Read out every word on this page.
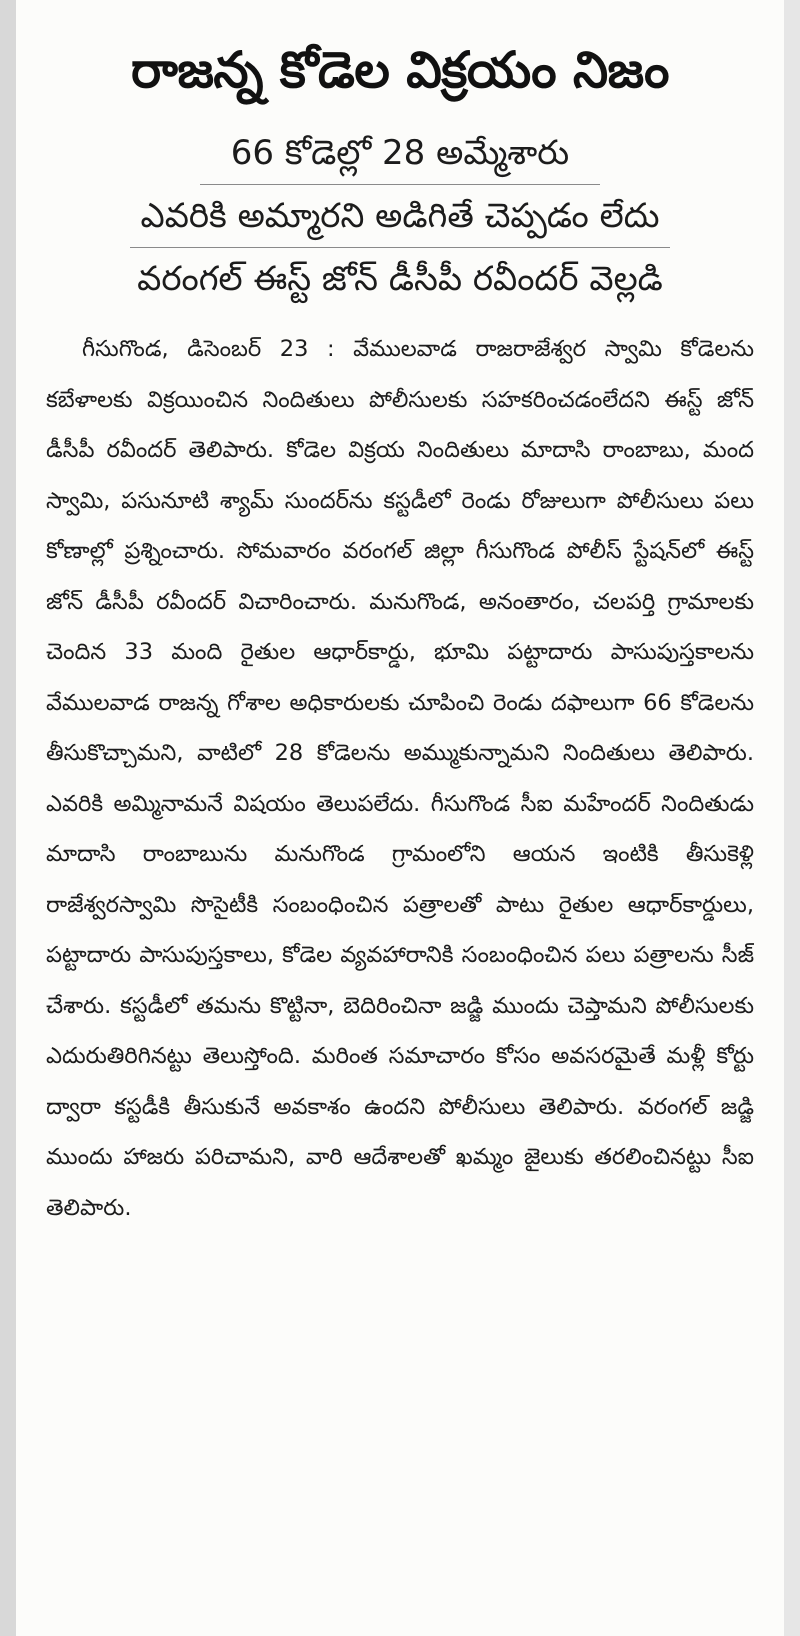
రాజన్న కోడెల విక్రయం నిజం
66 కోడెల్లో 28 అమ్మేశారు
ఎవరికి అమ్మారని అడిగితే చెప్పడం లేదు
వరంగల్ ఈస్ట్ జోన్ డీసీపీ రవీందర్ వెల్లడి

గీసుగొండ, డిసెంబర్ 23 : వేములవాడ రాజరాజేశ్వర స్వామి కోడెలను కబేళాలకు విక్రయించిన నిందితులు పోలీసులకు సహకరించడంలేదని ఈస్ట్ జోన్ డీసీపీ రవీందర్ తెలిపారు. కోడెల విక్రయ నిందితులు మాదాసి రాంబాబు, మంద స్వామి, పసునూటి శ్యామ్ సుందర్‌ను కస్టడీలో రెండు రోజులుగా పోలీసులు పలు కోణాల్లో ప్రశ్నించారు. సోమవారం వరంగల్ జిల్లా గీసుగొండ పోలీస్ స్టేషన్‌లో ఈస్ట్ జోన్ డీసీపీ రవీందర్ విచారించారు. మనుగొండ, అనంతారం, చలపర్తి గ్రామాలకు చెందిన 33 మంది రైతుల ఆధార్‌కార్డు, భూమి పట్టాదారు పాసుపుస్తకాలను వేములవాడ రాజన్న గోశాల అధికారులకు చూపించి రెండు దఫాలుగా 66 కోడెలను తీసుకొచ్చామని, వాటిలో 28 కోడెలను అమ్ముకున్నామని నిందితులు తెలిపారు. ఎవరికి అమ్మినామనే విషయం తెలుపలేదు. గీసుగొండ సీఐ మహేందర్ నిందితుడు మాదాసి రాంబాబును మనుగొండ గ్రామంలోని ఆయన ఇంటికి తీసుకెళ్లి రాజేశ్వరస్వామి సొసైటీకి సంబంధించిన పత్రాలతో పాటు రైతుల ఆధార్‌కార్డులు, పట్టాదారు పాసుపుస్తకాలు, కోడెల వ్యవహారానికి సంబంధించిన పలు పత్రాలను సీజ్ చేశారు. కస్టడీలో తమను కొట్టినా, బెదిరించినా జడ్జి ముందు చెప్తామని పోలీసులకు ఎదురుతిరిగినట్టు తెలుస్తోంది. మరింత సమాచారం కోసం అవసరమైతే మళ్లీ కోర్టు ద్వారా కస్టడీకి తీసుకునే అవకాశం ఉందని పోలీసులు తెలిపారు. వరంగల్ జడ్జి ముందు హాజరు పరిచామని, వారి ఆదేశాలతో ఖమ్మం జైలుకు తరలించినట్టు సీఐ తెలిపారు.
